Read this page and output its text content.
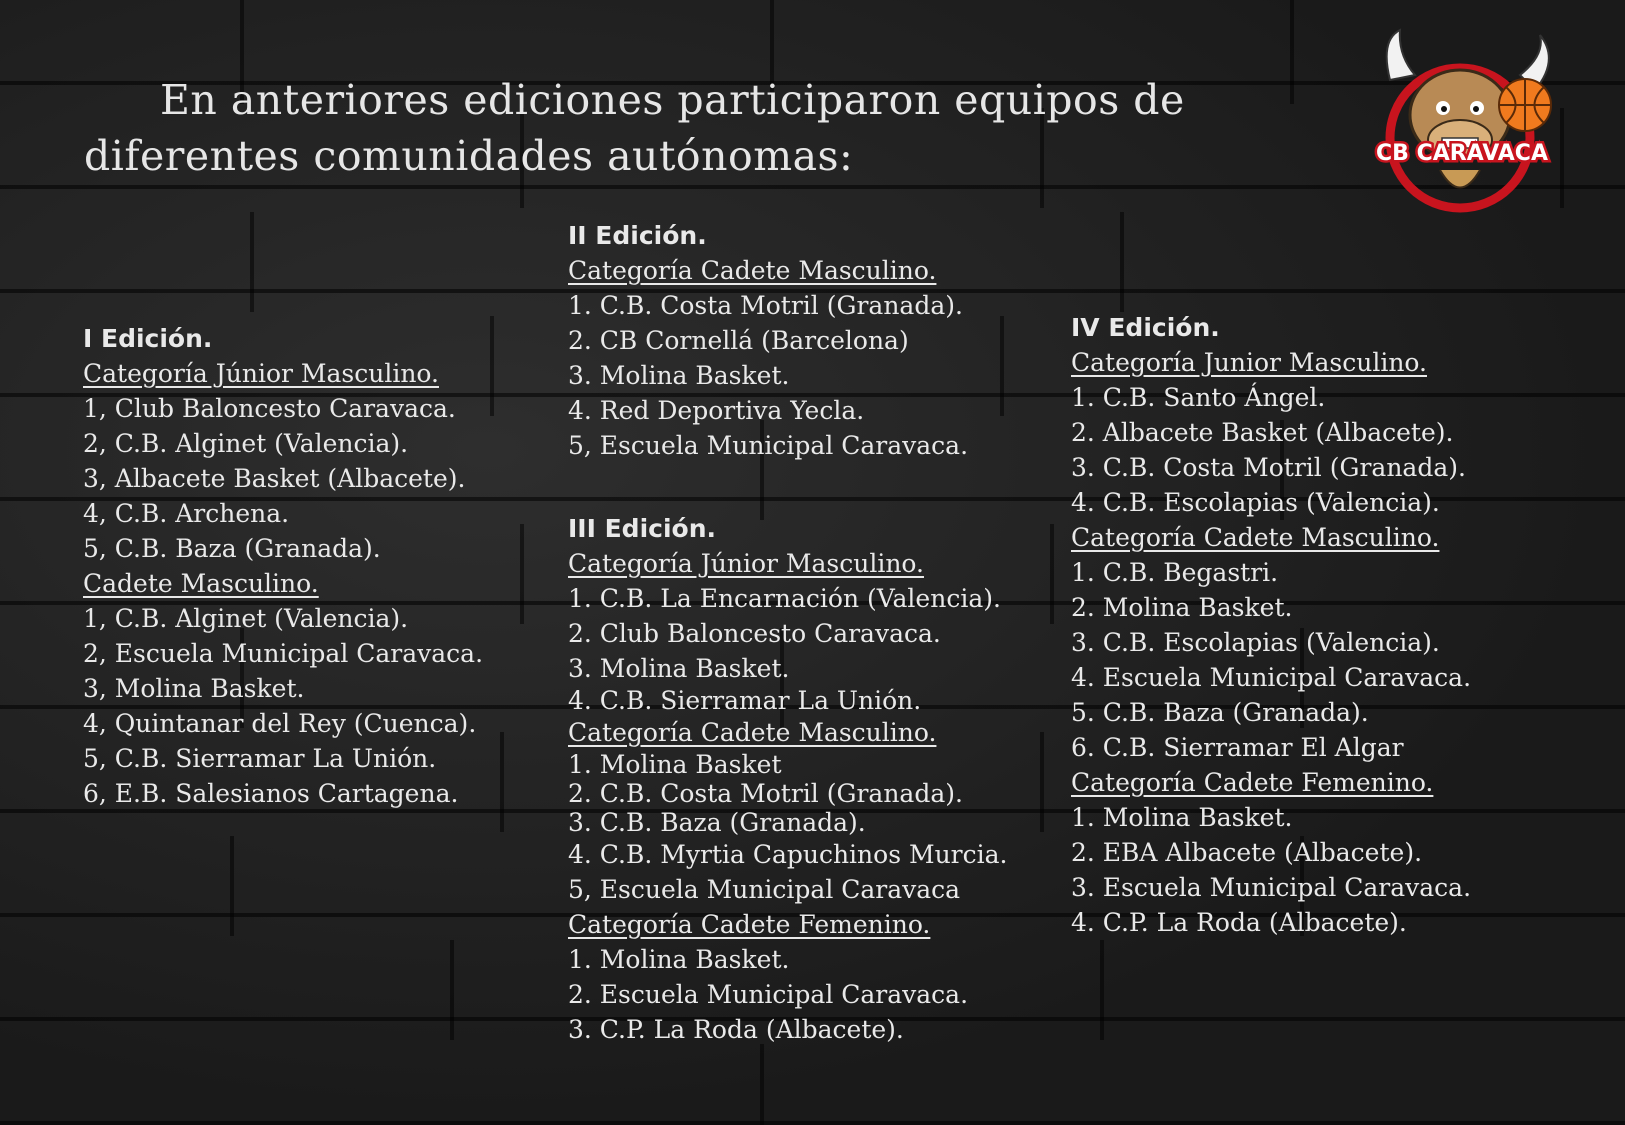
En anteriores ediciones participaron equipos de diferentes comunidades autónomas:	CB CARAVACA
I Edición.
Categoría Júnior Masculino.
1, Club Baloncesto Caravaca.
2, C.B. Alginet (Valencia).
3, Albacete Basket (Albacete).
4, C.B. Archena.
5, C.B. Baza (Granada).
Cadete Masculino.
1, C.B. Alginet (Valencia).
2, Escuela Municipal Caravaca.
3, Molina Basket.
4, Quintanar del Rey (Cuenca).
5, C.B. Sierramar La Unión.
6, E.B. Salesianos Cartagena.
II Edición.
Categoría Cadete Masculino.
1. C.B. Costa Motril (Granada).
2. CB Cornellá (Barcelona)
3. Molina Basket.
4. Red Deportiva Yecla.
5, Escuela Municipal Caravaca.
III Edición.
Categoría Júnior Masculino.
1. C.B. La Encarnación (Valencia).
2. Club Baloncesto Caravaca.
3. Molina Basket.
4. C.B. Sierramar La Unión.
Categoría Cadete Masculino.
1. Molina Basket
2. C.B. Costa Motril (Granada).
3. C.B. Baza (Granada).
4. C.B. Myrtia Capuchinos Murcia.
5, Escuela Municipal Caravaca
Categoría Cadete Femenino.
1. Molina Basket.
2. Escuela Municipal Caravaca.
3. C.P. La Roda (Albacete).
IV Edición.
Categoría Junior Masculino.
1. C.B. Santo Ángel.
2. Albacete Basket (Albacete).
3. C.B. Costa Motril (Granada).
4. C.B. Escolapias (Valencia).
Categoría Cadete Masculino.
1. C.B. Begastri.
2. Molina Basket.
3. C.B. Escolapias (Valencia).
4. Escuela Municipal Caravaca.
5. C.B. Baza (Granada).
6. C.B. Sierramar El Algar
Categoría Cadete Femenino.
1. Molina Basket.
2. EBA Albacete (Albacete).
3. Escuela Municipal Caravaca.
4. C.P. La Roda (Albacete).
